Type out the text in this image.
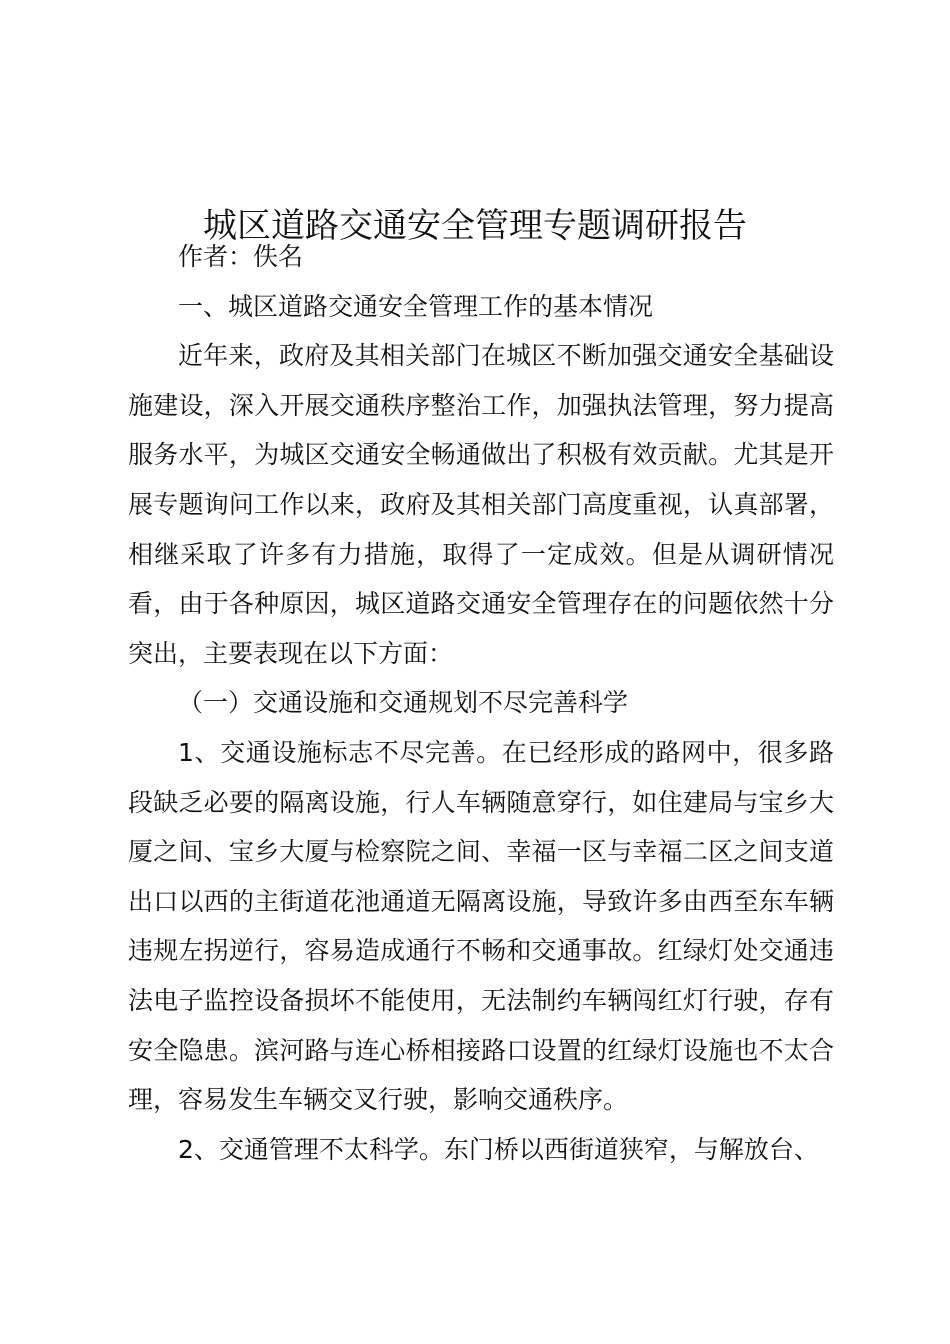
城区道路交通安全管理专题调研报告

作者：佚名

一、城区道路交通安全管理工作的基本情况

近年来，政府及其相关部门在城区不断加强交通安全基础设施建设，深入开展交通秩序整治工作，加强执法管理，努力提高服务水平，为城区交通安全畅通做出了积极有效贡献。尤其是开展专题询问工作以来，政府及其相关部门高度重视，认真部署，相继采取了许多有力措施，取得了一定成效。但是从调研情况看，由于各种原因，城区道路交通安全管理存在的问题依然十分突出，主要表现在以下方面：

（一）交通设施和交通规划不尽完善科学

1、交通设施标志不尽完善。在已经形成的路网中，很多路段缺乏必要的隔离设施，行人车辆随意穿行，如住建局与宝乡大厦之间、宝乡大厦与检察院之间、幸福一区与幸福二区之间支道出口以西的主街道花池通道无隔离设施，导致许多由西至东车辆违规左拐逆行，容易造成通行不畅和交通事故。红绿灯处交通违法电子监控设备损坏不能使用，无法制约车辆闯红灯行驶，存有安全隐患。滨河路与连心桥相接路口设置的红绿灯设施也不太合理，容易发生车辆交叉行驶，影响交通秩序。

2、交通管理不太科学。东门桥以西街道狭窄，与解放台、
